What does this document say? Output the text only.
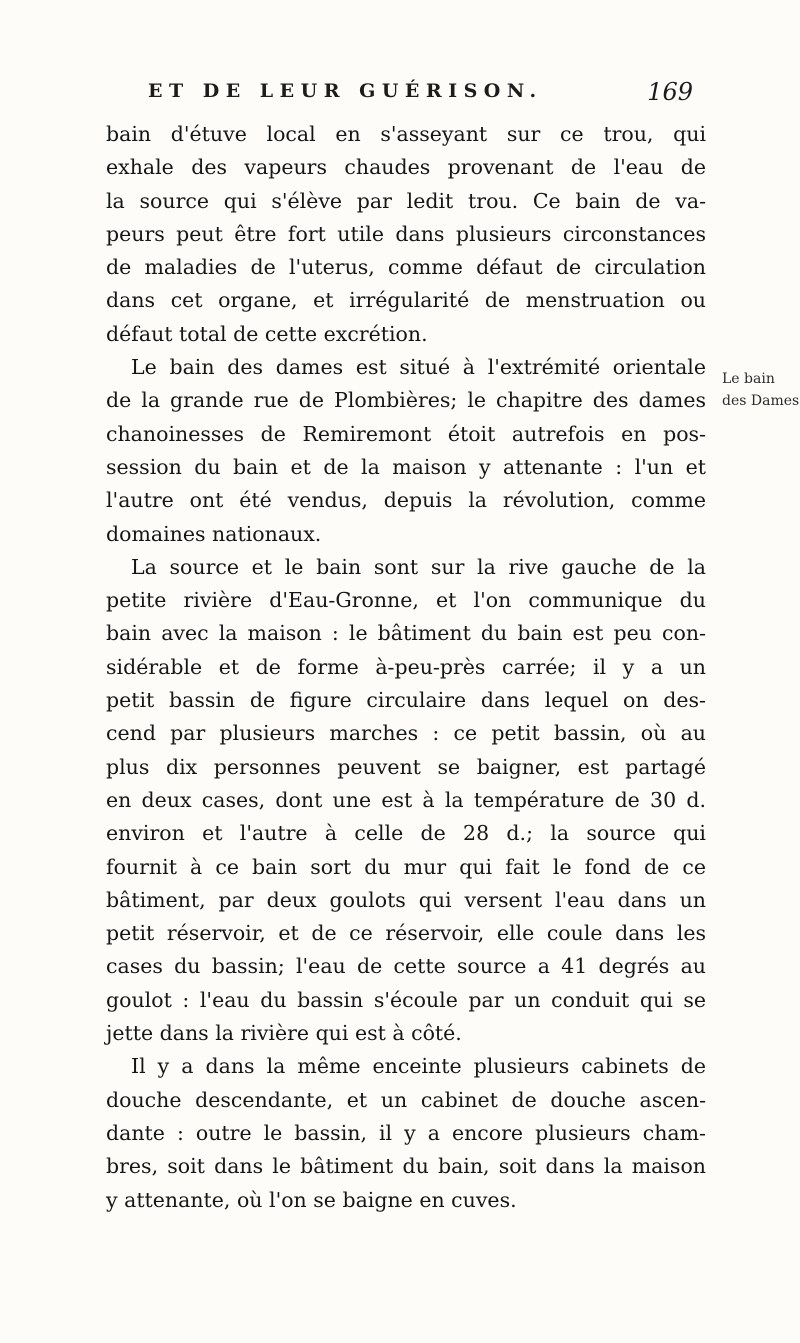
ET DE LEUR GUÉRISON.	169
bain d'étuve local en s'asseyant sur ce trou, qui
exhale des vapeurs chaudes provenant de l'eau de
la source qui s'élève par ledit trou. Ce bain de va-
peurs peut être fort utile dans plusieurs circonstances
de maladies de l'uterus, comme défaut de circulation
dans cet organe, et irrégularité de menstruation ou
défaut total de cette excrétion.
Le bain des dames est situé à l'extrémité orientale
de la grande rue de Plombières; le chapitre des dames
chanoinesses de Remiremont étoit autrefois en pos-
session du bain et de la maison y attenante : l'un et
l'autre ont été vendus, depuis la révolution, comme
domaines nationaux.
La source et le bain sont sur la rive gauche de la
petite rivière d'Eau-Gronne, et l'on communique du
bain avec la maison : le bâtiment du bain est peu con-
sidérable et de forme à-peu-près carrée; il y a un
petit bassin de figure circulaire dans lequel on des-
cend par plusieurs marches : ce petit bassin, où au
plus dix personnes peuvent se baigner, est partagé
en deux cases, dont une est à la température de 30 d.
environ et l'autre à celle de 28 d.; la source qui
fournit à ce bain sort du mur qui fait le fond de ce
bâtiment, par deux goulots qui versent l'eau dans un
petit réservoir, et de ce réservoir, elle coule dans les
cases du bassin; l'eau de cette source a 41 degrés au
goulot : l'eau du bassin s'écoule par un conduit qui se
jette dans la rivière qui est à côté.
Il y a dans la même enceinte plusieurs cabinets de
douche descendante, et un cabinet de douche ascen-
dante : outre le bassin, il y a encore plusieurs cham-
bres, soit dans le bâtiment du bain, soit dans la maison
y attenante, où l'on se baigne en cuves.
Le bain
des Dames
